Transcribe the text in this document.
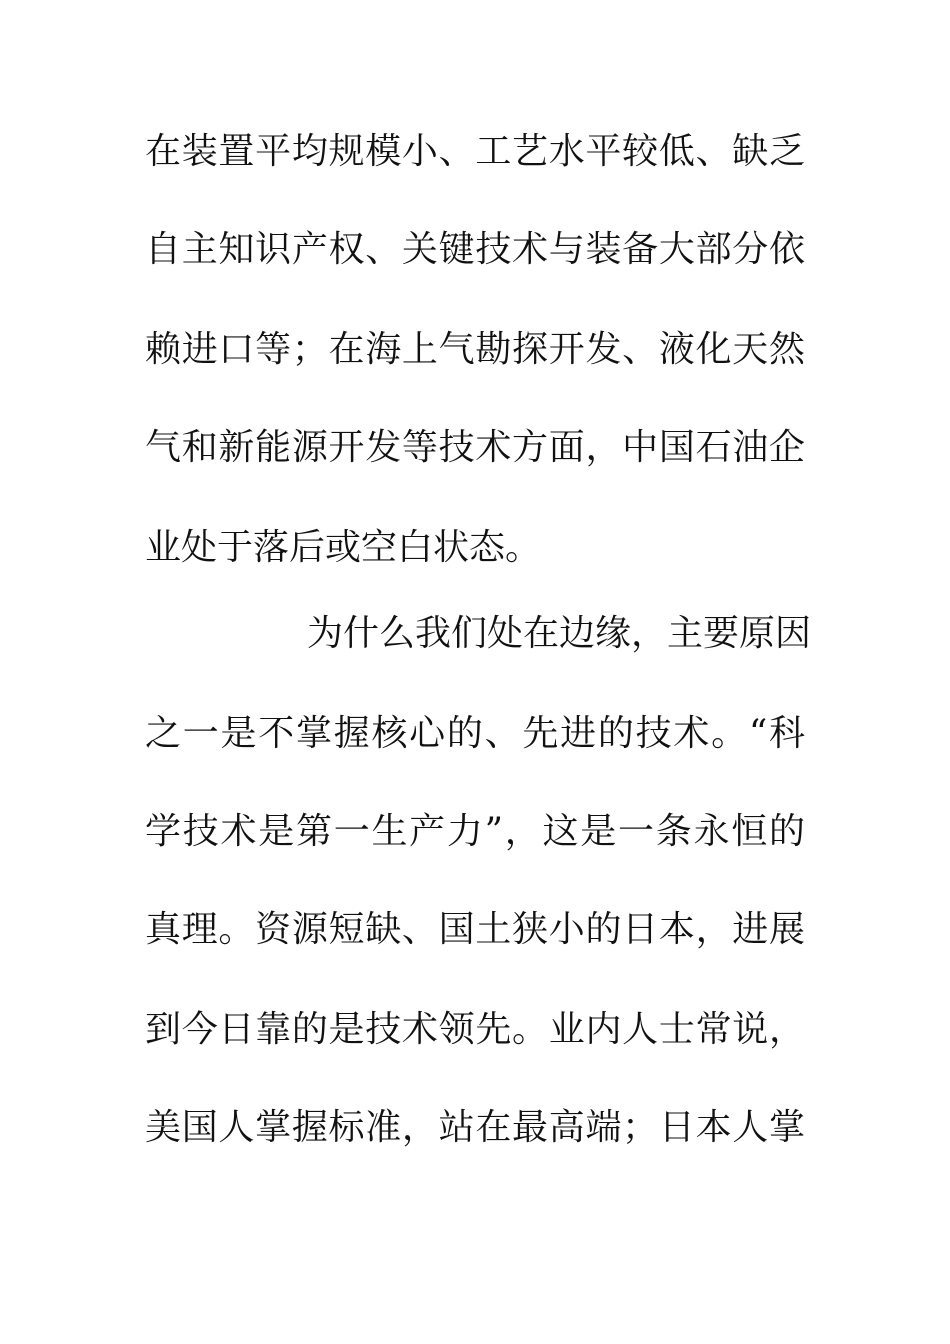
在装置平均规模小、工艺水平较低、缺乏
自主知识产权、关键技术与装备大部分依
赖进口等；在海上气勘探开发、液化天然
气和新能源开发等技术方面，中国石油企
业处于落后或空白状态。
为什么我们处在边缘，主要原因
之一是不掌握核心的、先进的技术。“科
学技术是第一生产力”，这是一条永恒的
真理。资源短缺、国土狭小的日本，进展
到今日靠的是技术领先。业内人士常说，
美国人掌握标准，站在最高端；日本人掌
